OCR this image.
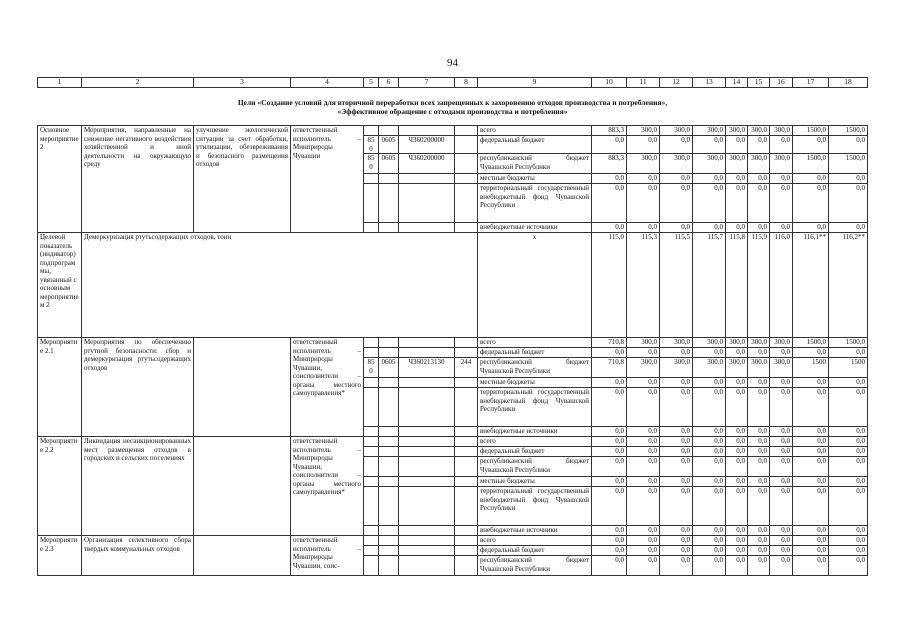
94
1	2	3	4	5	6	7	8	9	10	11	12	13	14	15	16	17	18

Цели «Создание условий для вторичной переработки всех запрещенных к захоронению отходов производства и потребления»,																	
«Эффективное обращение с отходами производства и потребления»																	

Основное мероприятие 2	Мероприятия, направленные на снижение негативного воздействия хозяйственной и иной деятельности на окружающую среду	улучшение экологической ситуации за счет обработки, утилизации, обезвреживания и безопасного размещения отходов	ответственный исполнитель – Минприроды Чувашии					всего	883,3	300,0	300,0	300,0	300,0	300,0	300,0	1500,0	1500,0
				850	0605	Ч360200000		федеральный бюджет	0,0	0,0	0,0	0,0	0,0	0,0	0,0	0,0	0,0
				850	0605	Ч360200000		республиканский бюджет Чувашской Республики	883,3	300,0	300,0	300,0	300,0	300,0	300,0	1500,0	1500,0
								местные бюджеты	0,0	0,0	0,0	0,0	0,0	0,0	0,0	0,0	0,0
								территориальный государственный внебюджетный фонд Чувашской Республики	0,0	0,0	0,0	0,0	0,0	0,0	0,0	0,0	0,0
								внебюджетные источники	0,0	0,0	0,0	0,0	0,0	0,0	0,0	0,0	0,0
Целевой показатель (индикатор) подпрограммы, увязанный с основным мероприятием 2	Демеркуризация ртутьсодержащих отходов, тонн							x	115,0	115,3	115,5	115,7	115,8	115,9	116,0	116,1**	116,2**
Мероприятие 2.1	Мероприятия по обеспечению ртутной безопасности: сбор и демеркуризация ртутьсодержащих отходов		ответственный исполнитель – Минприроды Чувашии, соисполнители – органы местного самоуправления*					всего	710,8	300,0	300,0	300,0	300,0	300,0	300,0	1500,0	1500,0
								федеральный бюджет	0,0	0,0	0,0	0,0	0,0	0,0	0,0	0,0	0,0
				850	0605	Ч360213130	244	республиканский бюджет Чувашской Республики	710,8	300,0	300,0	300,0	300,0	300,0	300,0	1500	1500
								местные бюджеты	0,0	0,0	0,0	0,0	0,0	0,0	0,0	0,0	0,0
								территориальный государственный внебюджетный фонд Чувашской Республики	0,0	0,0	0,0	0,0	0,0	0,0	0,0	0,0	0,0
								внебюджетные источники	0,0	0,0	0,0	0,0	0,0	0,0	0,0	0,0	0,0
Мероприятие 2.2	Ликвидация несанкционированных мест размещения отходов в городских и сельских поселениях		ответственный исполнитель – Минприроды Чувашии, соисполнители – органы местного самоуправления*					всего	0,0	0,0	0,0	0,0	0,0	0,0	0,0	0,0	0,0
								федеральный бюджет	0,0	0,0	0,0	0,0	0,0	0,0	0,0	0,0	0,0
								республиканский бюджет Чувашской Республики	0,0	0,0	0,0	0,0	0,0	0,0	0,0	0,0	0,0
								местные бюджеты	0,0	0,0	0,0	0,0	0,0	0,0	0,0	0,0	0,0
								территориальный государственный внебюджетный фонд Чувашской Республики	0,0	0,0	0,0	0,0	0,0	0,0	0,0	0,0	0,0
								внебюджетные источники	0,0	0,0	0,0	0,0	0,0	0,0	0,0	0,0	0,0
Мероприятие 2.3	Организация селективного сбора твердых коммунальных отходов		ответственный исполнитель – Минприроды Чувашии, соис-					всего	0,0	0,0	0,0	0,0	0,0	0,0	0,0	0,0	0,0
								федеральный бюджет	0,0	0,0	0,0	0,0	0,0	0,0	0,0	0,0	0,0
								республиканский бюджет Чувашской Республики	0,0	0,0	0,0	0,0	0,0	0,0	0,0	0,0	0,0
